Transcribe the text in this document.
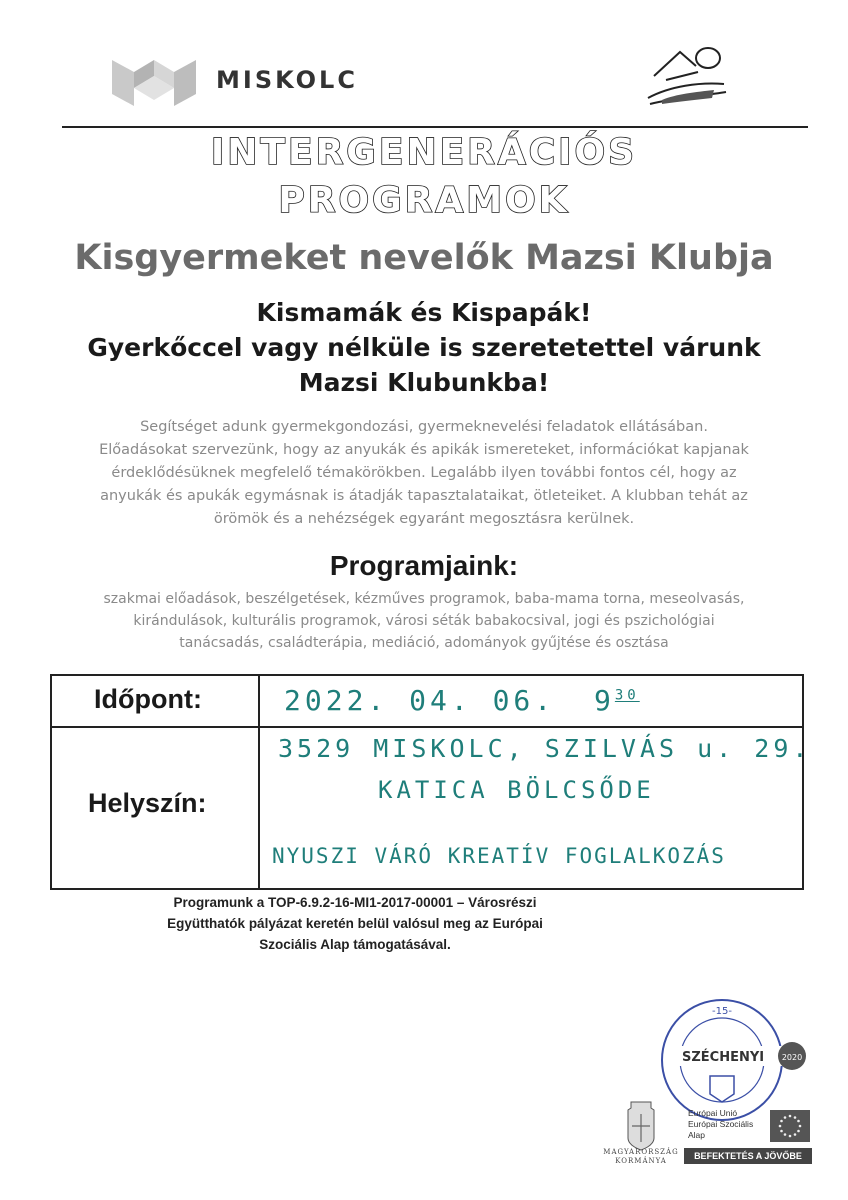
MISKOLC
INTERGENERÁCIÓS
PROGRAMOK
Kisgyermeket nevelők Mazsi Klubja
Kismamák és Kispapák!
Gyerkőccel vagy nélküle is szeretetettel várunk
Mazsi Klubunkba!
Segítséget adunk gyermekgondozási, gyermeknevelési feladatok ellátásában.
Előadásokat szervezünk, hogy az anyukák és apikák ismereteket, információkat kapjanak
érdeklődésüknek megfelelő témakörökben. Legalább ilyen további fontos cél, hogy az
anyukák és apukák egymásnak is átadják tapasztalataikat, ötleteiket. A klubban tehát az
örömök és a nehézségek egyaránt megosztásra kerülnek.
Programjaink:
szakmai előadások, beszélgetések, kézműves programok, baba-mama torna, meseolvasás,
kirándulások, kulturális programok, városi séták babakocsival, jogi és pszichológiai
tanácsadás, családterápia, mediáció, adományok gyűjtése és osztása
Időpont:	2022. 04. 06. $9^{30}$
Helyszín:
3529 MISKOLC, SZILVÁS u. 29.
KATICA BÖLCSŐDE
NYUSZI VÁRÓ KREATÍV FOGLALKOZÁS
Programunk a TOP-6.9.2-16-MI1-2017-00001 – Városrészi
Együtthatók pályázat keretén belül valósul meg az Európai
Szociális Alap támogatásával.
-15-
SZÉCHENYI 2020
MAGYARORSZÁG
KORMÁNYA
Európai Unió
Európai Szociális
Alap
BEFEKTETÉS A JÖVŐBE
